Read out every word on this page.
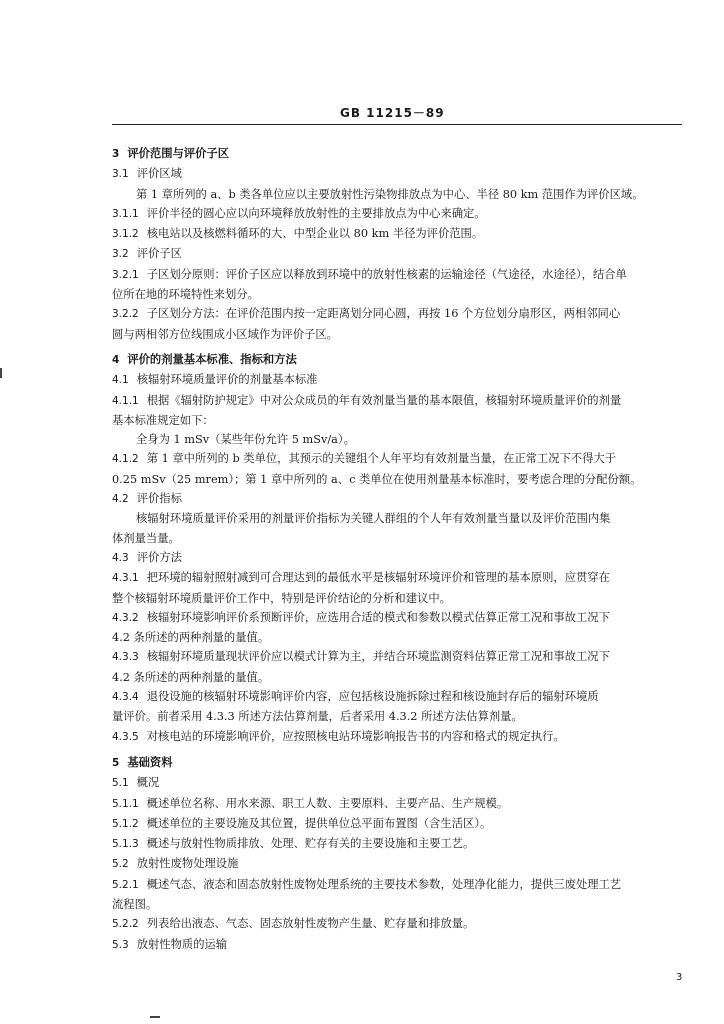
GB 11215－89
3 评价范围与评价子区
3.1 评价区域
第 1 章所列的 a、b 类各单位应以主要放射性污染物排放点为中心、半径 80 km 范围作为评价区域。
3.1.1 评价半径的圆心应以向环境释放放射性的主要排放点为中心来确定。
3.1.2 核电站以及核燃料循环的大、中型企业以 80 km 半径为评价范围。
3.2 评价子区
3.2.1 子区划分原则：评价子区应以释放到环境中的放射性核素的运输途径（气途径，水途径），结合单
位所在地的环境特性来划分。
3.2.2 子区划分方法：在评价范围内按一定距离划分同心圆，再按 16 个方位划分扇形区，两相邻同心
圆与两相邻方位线围成小区域作为评价子区。
4 评价的剂量基本标准、指标和方法
4.1 核辐射环境质量评价的剂量基本标准
4.1.1 根据《辐射防护规定》中对公众成员的年有效剂量当量的基本限值，核辐射环境质量评价的剂量
基本标准规定如下：
全身为 1 mSv（某些年份允许 5 mSv/a）。
4.1.2 第 1 章中所列的 b 类单位，其预示的关键组个人年平均有效剂量当量，在正常工况下不得大于
0.25 mSv（25 mrem）；第 1 章中所列的 a、c 类单位在使用剂量基本标准时，要考虑合理的分配份额。
4.2 评价指标
核辐射环境质量评价采用的剂量评价指标为关键人群组的个人年有效剂量当量以及评价范围内集
体剂量当量。
4.3 评价方法
4.3.1 把环境的辐射照射减到可合理达到的最低水平是核辐射环境评价和管理的基本原则，应贯穿在
整个核辐射环境质量评价工作中，特别是评价结论的分析和建议中。
4.3.2 核辐射环境影响评价系预断评价，应选用合适的模式和参数以模式估算正常工况和事故工况下
4.2 条所述的两种剂量的量值。
4.3.3 核辐射环境质量现状评价应以模式计算为主，并结合环境监测资料估算正常工况和事故工况下
4.2 条所述的两种剂量的量值。
4.3.4 退役设施的核辐射环境影响评价内容，应包括核设施拆除过程和核设施封存后的辐射环境质
量评价。前者采用 4.3.3 所述方法估算剂量，后者采用 4.3.2 所述方法估算剂量。
4.3.5 对核电站的环境影响评价，应按照核电站环境影响报告书的内容和格式的规定执行。
5 基础资料
5.1 概况
5.1.1 概述单位名称、用水来源、职工人数、主要原料、主要产品、生产规模。
5.1.2 概述单位的主要设施及其位置，提供单位总平面布置图（含生活区）。
5.1.3 概述与放射性物质排放、处理、贮存有关的主要设施和主要工艺。
5.2 放射性废物处理设施
5.2.1 概述气态、液态和固态放射性废物处理系统的主要技术参数，处理净化能力，提供三废处理工艺
流程图。
5.2.2 列表给出液态、气态、固态放射性废物产生量、贮存量和排放量。
5.3 放射性物质的运输
3
